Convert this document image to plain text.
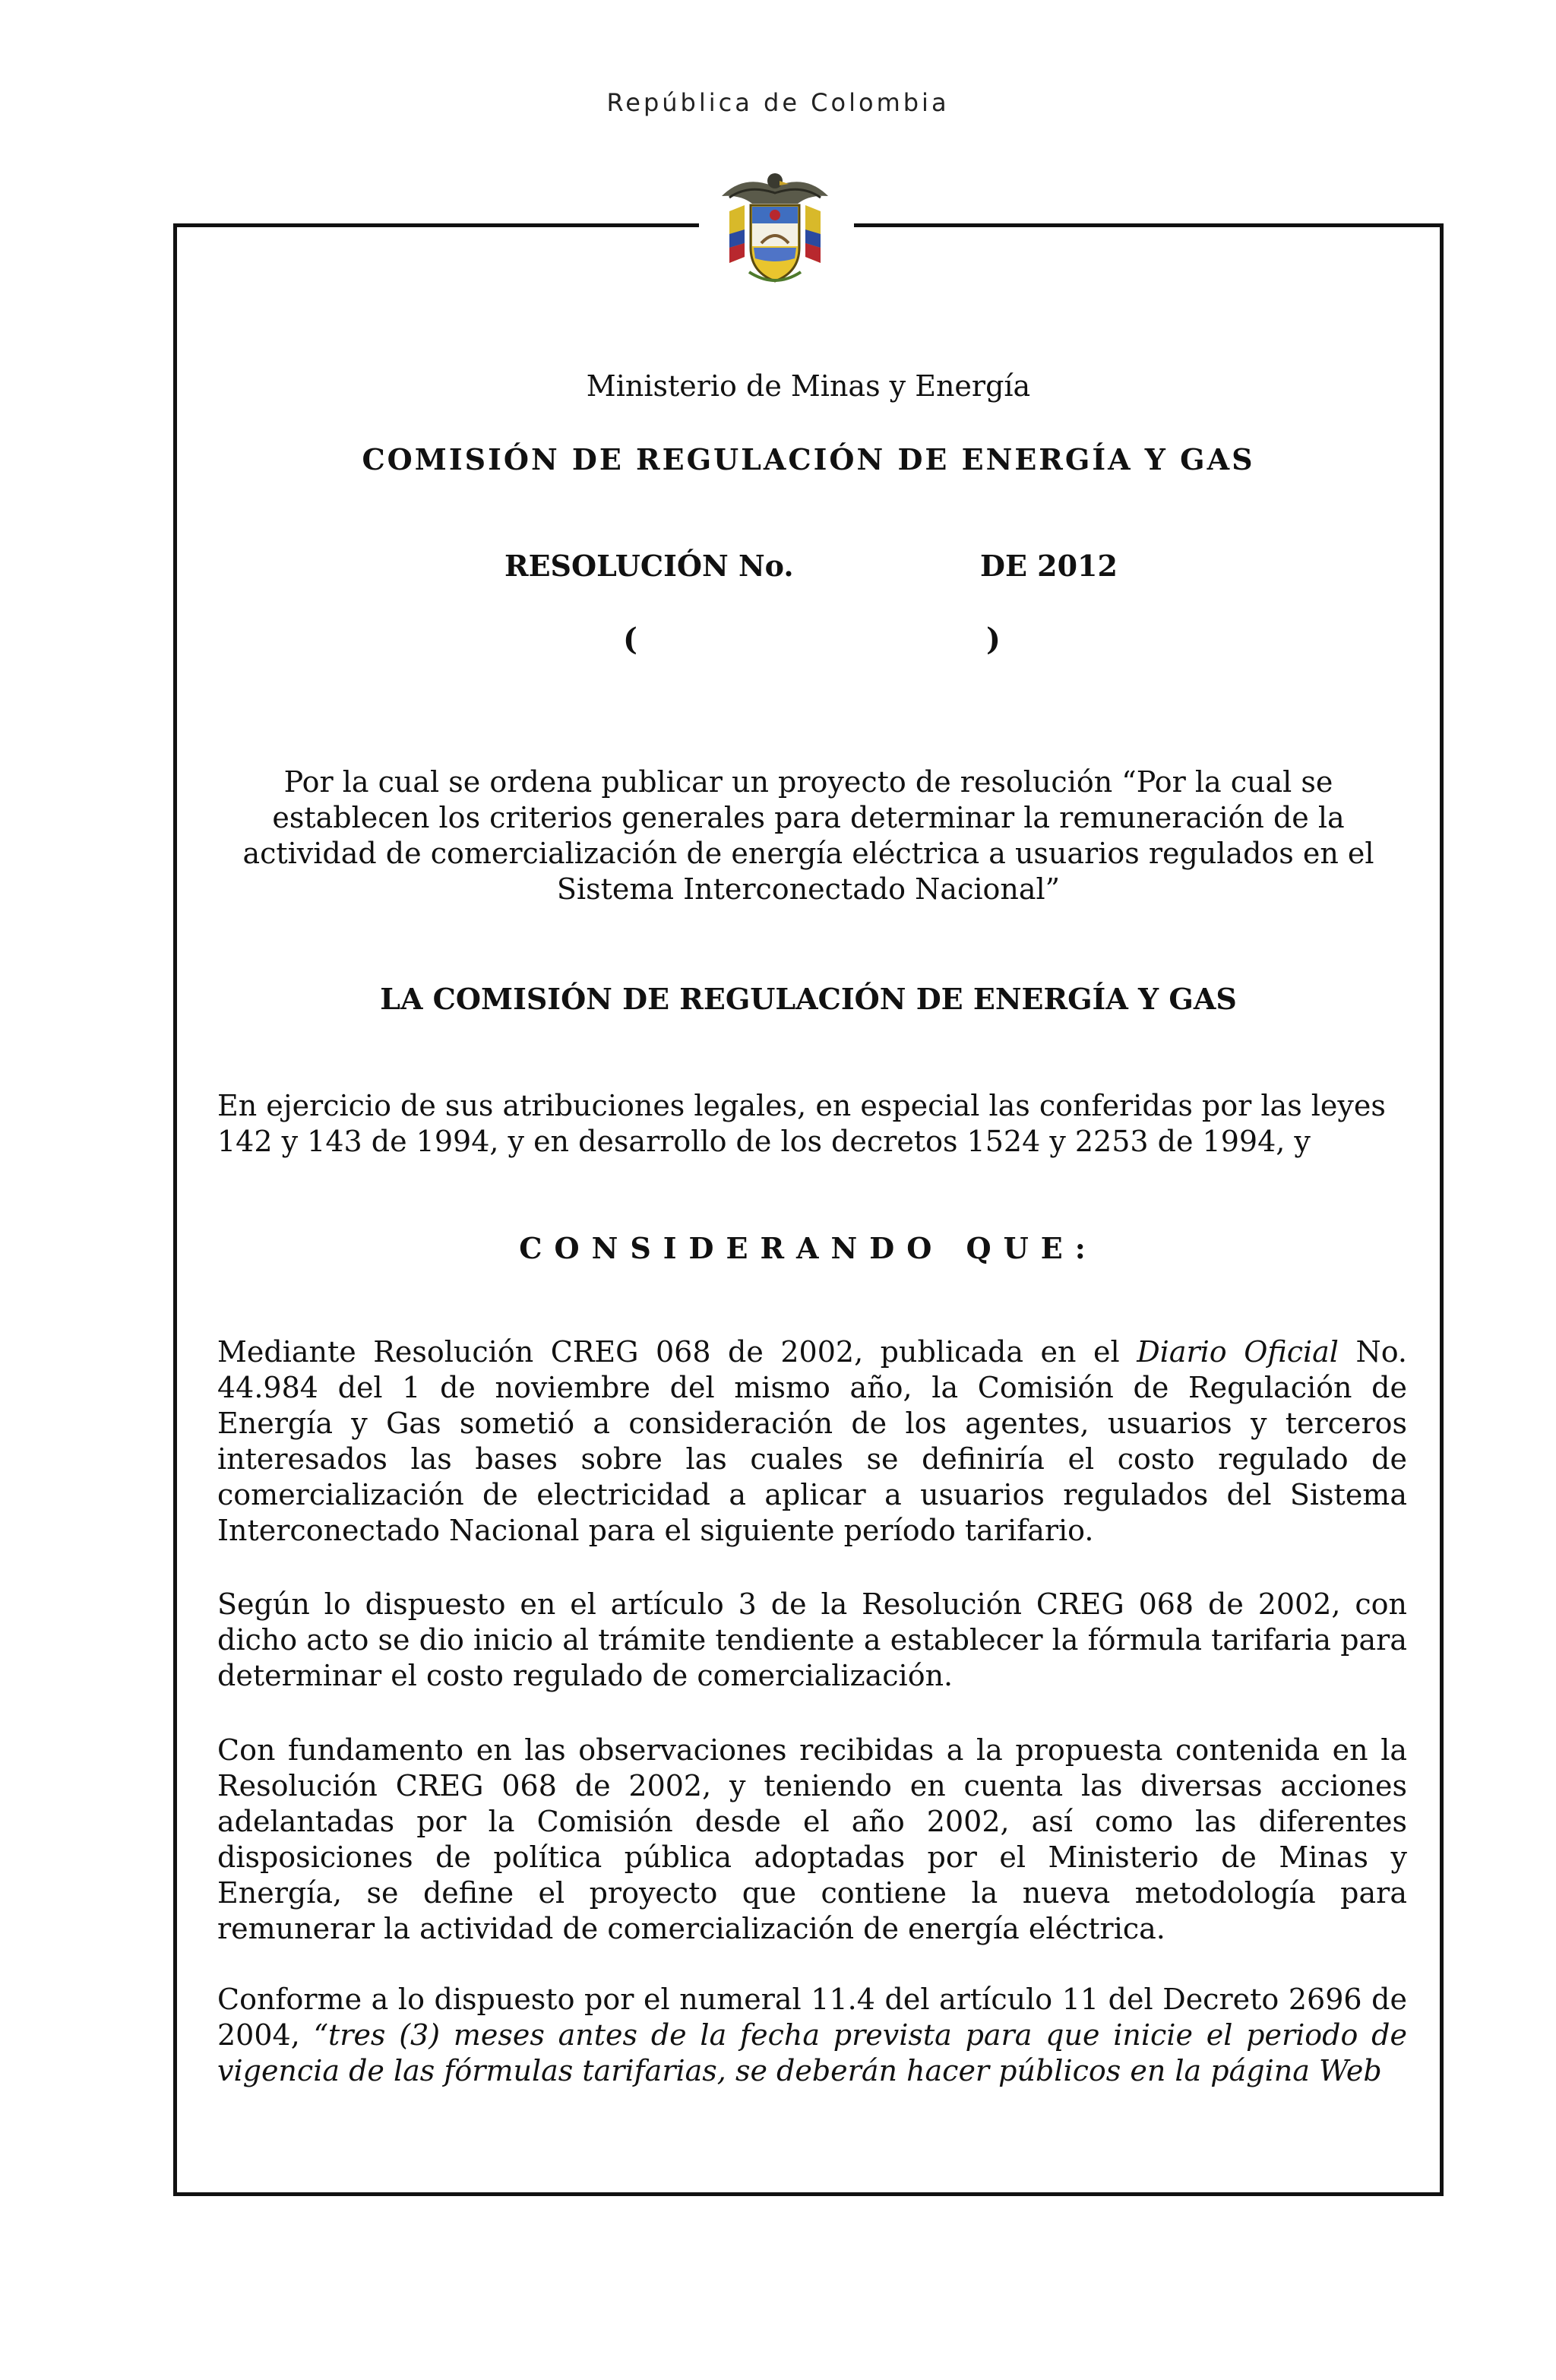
República de Colombia
Ministerio de Minas y Energía
COMISIÓN DE REGULACIÓN DE ENERGÍA Y GAS
RESOLUCIÓN No.	DE 2012
(	)
Por la cual se ordena publicar un proyecto de resolución “Por la cual se establecen los criterios generales para determinar la remuneración de la actividad de comercialización de energía eléctrica a usuarios regulados en el Sistema Interconectado Nacional”
LA COMISIÓN DE REGULACIÓN DE ENERGÍA Y GAS
En ejercicio de sus atribuciones legales, en especial las conferidas por las leyes 142 y 143 de 1994, y en desarrollo de los decretos 1524 y 2253 de 1994, y
CONSIDERANDO QUE:
Mediante Resolución CREG 068 de 2002, publicada en el Diario Oficial No. 44.984 del 1 de noviembre del mismo año, la Comisión de Regulación de Energía y Gas sometió a consideración de los agentes, usuarios y terceros interesados las bases sobre las cuales se definiría el costo regulado de comercialización de electricidad a aplicar a usuarios regulados del Sistema Interconectado Nacional para el siguiente período tarifario.
Según lo dispuesto en el artículo 3 de la Resolución CREG 068 de 2002, con dicho acto se dio inicio al trámite tendiente a establecer la fórmula tarifaria para determinar el costo regulado de comercialización.
Con fundamento en las observaciones recibidas a la propuesta contenida en la Resolución CREG 068 de 2002, y teniendo en cuenta las diversas acciones adelantadas por la Comisión desde el año 2002, así como las diferentes disposiciones de política pública adoptadas por el Ministerio de Minas y Energía, se define el proyecto que contiene la nueva metodología para remunerar la actividad de comercialización de energía eléctrica.
Conforme a lo dispuesto por el numeral 11.4 del artículo 11 del Decreto 2696 de 2004, “tres (3) meses antes de la fecha prevista para que inicie el periodo de vigencia de las fórmulas tarifarias, se deberán hacer públicos en la página Web
